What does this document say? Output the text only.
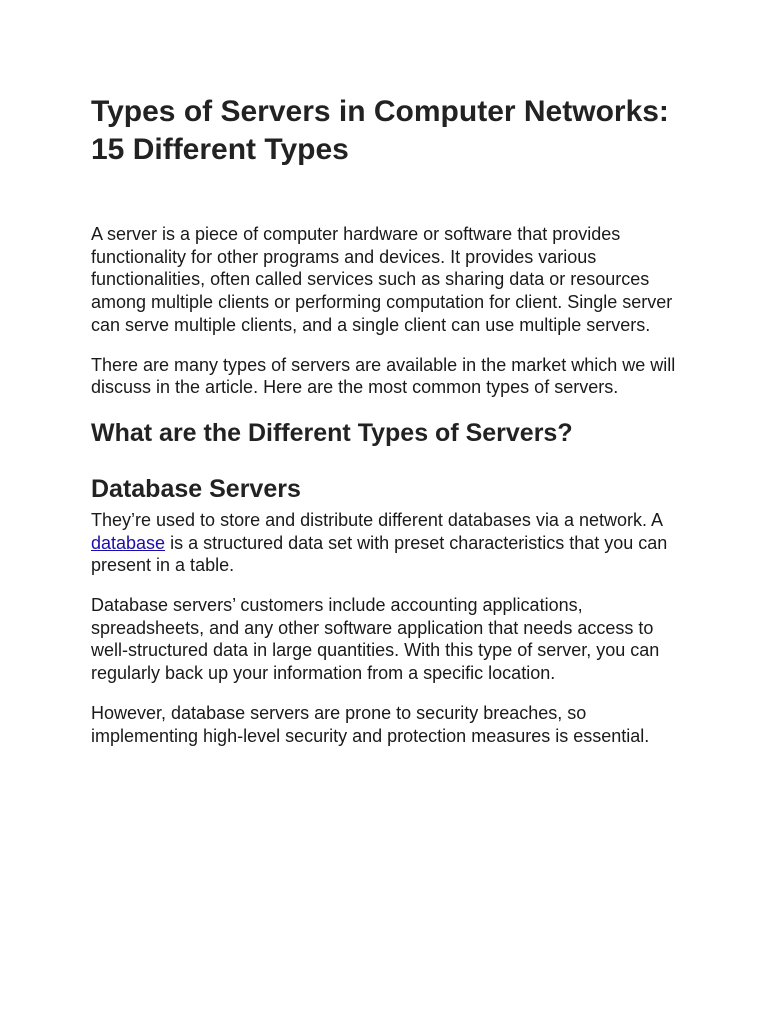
Types of Servers in Computer Networks: 15 Different Types

A server is a piece of computer hardware or software that provides functionality for other programs and devices. It provides various functionalities, often called services such as sharing data or resources among multiple clients or performing computation for client. Single server can serve multiple clients, and a single client can use multiple servers.

There are many types of servers are available in the market which we will discuss in the article. Here are the most common types of servers.

What are the Different Types of Servers?
Database Servers

They’re used to store and distribute different databases via a network. A database is a structured data set with preset characteristics that you can present in a table.

Database servers’ customers include accounting applications, spreadsheets, and any other software application that needs access to well-structured data in large quantities. With this type of server, you can regularly back up your information from a specific location.

However, database servers are prone to security breaches, so implementing high-level security and protection measures is essential.
